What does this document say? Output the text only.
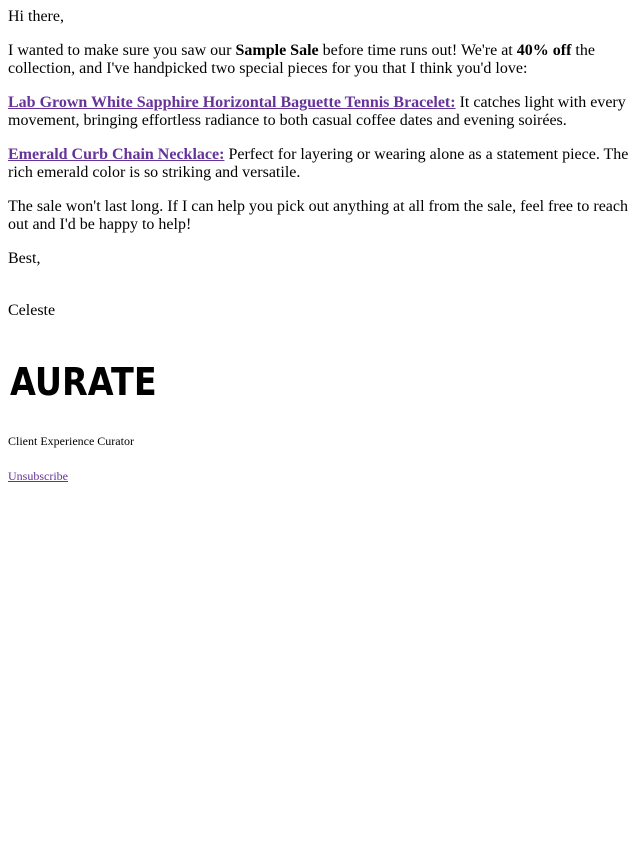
Hi there,

I wanted to make sure you saw our Sample Sale before time runs out! We're at 40% off the collection, and I've handpicked two special pieces for you that I think you'd love:

Lab Grown White Sapphire Horizontal Baguette Tennis Bracelet: It catches light with every movement, bringing effortless radiance to both casual coffee dates and evening soirées.

Emerald Curb Chain Necklace: Perfect for layering or wearing alone as a statement piece. The rich emerald color is so striking and versatile.

The sale won't last long. If I can help you pick out anything at all from the sale, feel free to reach out and I'd be happy to help!

Best,

Celeste

AURATE

Client Experience Curator

Unsubscribe
